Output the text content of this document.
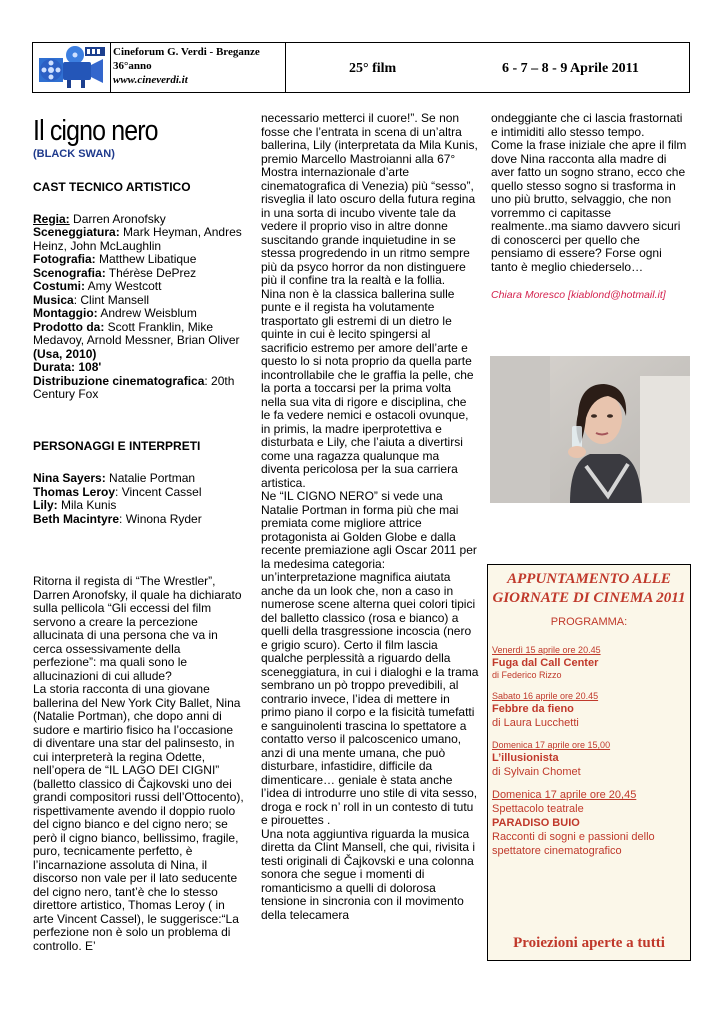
Cineforum G. Verdi - Breganze
36°anno
www.cineverdi.it
25° film	6 - 7 – 8 - 9 Aprile 2011
Il cigno nero
(BLACK SWAN)
CAST TECNICO ARTISTICO
Regia: Darren Aronofsky
Sceneggiatura: Mark Heyman, Andres Heinz, John McLaughlin
Fotografia: Matthew Libatique
Scenografia: Thérèse DePrez
Costumi: Amy Westcott
Musica: Clint Mansell
Montaggio: Andrew Weisblum
Prodotto da: Scott Franklin, Mike Medavoy, Arnold Messner, Brian Oliver
(Usa, 2010)
Durata: 108'
Distribuzione cinematografica: 20th Century Fox
PERSONAGGI E INTERPRETI
Nina Sayers: Natalie Portman
Thomas Leroy: Vincent Cassel
Lily: Mila Kunis
Beth Macintyre: Winona Ryder
Ritorna il regista di “The Wrestler”, Darren Aronofsky, il quale ha dichiarato sulla pellicola “Gli eccessi del film servono a creare la percezione allucinata di una persona che va in cerca ossessivamente della perfezione”: ma quali sono le allucinazioni di cui allude?
La storia racconta di una giovane ballerina del New York City Ballet, Nina (Natalie Portman), che dopo anni di sudore e martirio fisico ha l’occasione di diventare una star del palinsesto, in cui interpreterà la regina Odette, nell’opera de “IL LAGO DEI CIGNI” (balletto classico di Čajkovski uno dei grandi compositori russi dell’Ottocento), rispettivamente avendo il doppio ruolo del cigno bianco e del cigno nero; se però il cigno bianco, bellissimo, fragile, puro, tecnicamente perfetto, è l’incarnazione assoluta di Nina, il discorso non vale per il lato seducente del cigno nero, tant’è che lo stesso direttore artistico, Thomas Leroy ( in arte Vincent Cassel), le suggerisce:“La perfezione non è solo un problema di controllo. E’
necessario metterci il cuore!”. Se non fosse che l’entrata in scena di un’altra ballerina, Lily (interpretata da Mila Kunis, premio Marcello Mastroianni alla 67° Mostra internazionale d’arte cinematografica di Venezia) più “sesso”, risveglia il lato oscuro della futura regina in una sorta di incubo vivente tale da vedere il proprio viso in altre donne suscitando grande inquietudine in se stessa progredendo in un ritmo sempre più da psyco horror da non distinguere più il confine tra la realtà e la follia.
Nina non è la classica ballerina sulle punte e il regista ha volutamente trasportato gli estremi di un dietro le quinte in cui è lecito spingersi al sacrificio estremo per amore dell’arte e questo lo si nota proprio da quella parte incontrollabile che le graffia la pelle, che la porta a toccarsi per la prima volta nella sua vita di rigore e disciplina, che le fa vedere nemici e ostacoli ovunque, in primis, la madre iperprotettiva e disturbata e Lily, che l’aiuta a divertirsi come una ragazza qualunque ma diventa pericolosa per la sua carriera artistica.
Ne “IL CIGNO NERO” si vede una Natalie Portman in forma più che mai premiata come migliore attrice protagonista ai Golden Globe e dalla recente premiazione agli Oscar 2011 per la medesima categoria: un’interpretazione magnifica aiutata anche da un look che, non a caso in numerose scene alterna quei colori tipici del balletto classico (rosa e bianco) a quelli della trasgressione incoscia (nero e grigio scuro). Certo il film lascia qualche perplessità a riguardo della sceneggiatura, in cui i dialoghi e la trama sembrano un pò troppo prevedibili, al contrario invece, l’idea di mettere in primo piano il corpo e la fisicità tumefatti e sanguinolenti trascina lo spettatore a contatto verso il palcoscenico umano, anzi di una mente umana, che può disturbare, infastidire, difficile da dimenticare… geniale è stata anche l’idea di introdurre uno stile di vita sesso, droga e rock n’ roll in un contesto di tutu e pirouettes .
Una nota aggiuntiva riguarda la musica diretta da Clint Mansell, che qui, rivisita i testi originali di Čajkovski e una colonna sonora che segue i momenti di romanticismo a quelli di dolorosa tensione in sincronia con il movimento della telecamera
ondeggiante che ci lascia frastornati e intimiditi allo stesso tempo.
Come la frase iniziale che apre il film dove Nina racconta alla madre di aver fatto un sogno strano, ecco che quello stesso sogno si trasforma in uno più brutto, selvaggio, che non vorremmo ci capitasse realmente..ma siamo davvero sicuri di conoscerci per quello che pensiamo di essere? Forse ogni tanto è meglio chiederselo…
Chiara Moresco [kiablond@hotmail.it]
APPUNTAMENTO ALLE GIORNATE DI CINEMA 2011
PROGRAMMA:
Venerdì 15 aprile ore 20.45
Fuga dal Call Center
di Federico Rizzo
Sabato 16 aprile ore 20.45
Febbre da fieno
di Laura Lucchetti
Domenica 17 aprile ore 15,00
L’illusionista
di Sylvain Chomet
Domenica 17 aprile ore 20,45
Spettacolo teatrale
PARADISO BUIO
Racconti di sogni e passioni dello spettatore cinematografico
Proiezioni aperte a tutti
